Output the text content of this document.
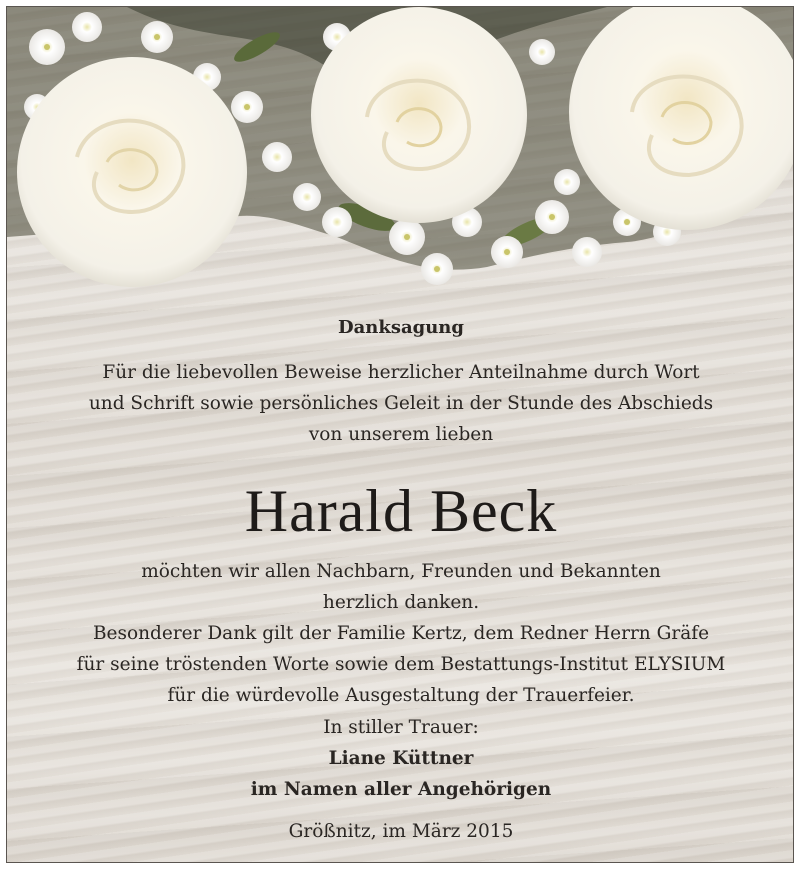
Danksagung
Für die liebevollen Beweise herzlicher Anteilnahme durch Wort
und Schrift sowie persönliches Geleit in der Stunde des Abschieds
von unserem lieben
Harald Beck
möchten wir allen Nachbarn, Freunden und Bekannten
herzlich danken.
Besonderer Dank gilt der Familie Kertz, dem Redner Herrn Gräfe
für seine tröstenden Worte sowie dem Bestattungs-Institut ELYSIUM
für die würdevolle Ausgestaltung der Trauerfeier.
In stiller Trauer:
Liane Küttner
im Namen aller Angehörigen
Größnitz, im März 2015
